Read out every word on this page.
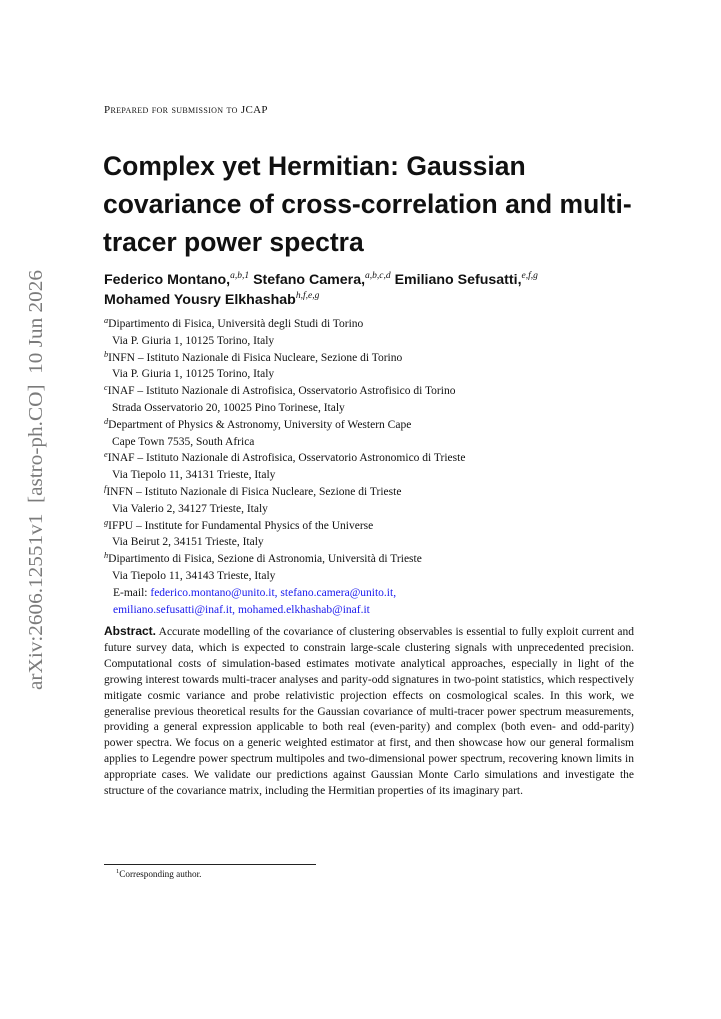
arXiv:2606.12551v1  [astro-ph.CO]  10 Jun 2026
Prepared for submission to JCAP
Complex yet Hermitian: Gaussian covariance of cross-correlation and multi-tracer power spectra
Federico Montano,$^{a,b,1}$ Stefano Camera,$^{a,b,c,d}$ Emiliano Sefusatti,$^{e,f,g}$
Mohamed Yousry Elkhashab$^{h,f,e,g}$
$^a$Dipartimento di Fisica, Università degli Studi di Torino
Via P. Giuria 1, 10125 Torino, Italy
$^b$INFN – Istituto Nazionale di Fisica Nucleare, Sezione di Torino
Via P. Giuria 1, 10125 Torino, Italy
$^c$INAF – Istituto Nazionale di Astrofisica, Osservatorio Astrofisico di Torino
Strada Osservatorio 20, 10025 Pino Torinese, Italy
$^d$Department of Physics & Astronomy, University of Western Cape
Cape Town 7535, South Africa
$^e$INAF – Istituto Nazionale di Astrofisica, Osservatorio Astronomico di Trieste
Via Tiepolo 11, 34131 Trieste, Italy
$^f$INFN – Istituto Nazionale di Fisica Nucleare, Sezione di Trieste
Via Valerio 2, 34127 Trieste, Italy
$^g$IFPU – Institute for Fundamental Physics of the Universe
Via Beirut 2, 34151 Trieste, Italy
$^h$Dipartimento di Fisica, Sezione di Astronomia, Università di Trieste
Via Tiepolo 11, 34143 Trieste, Italy
E-mail: federico.montano@unito.it, stefano.camera@unito.it,
emiliano.sefusatti@inaf.it, mohamed.elkhashab@inaf.it

Abstract. Accurate modelling of the covariance of clustering observables is essential to fully exploit current and future survey data, which is expected to constrain large-scale clustering signals with unprecedented precision. Computational costs of simulation-based estimates motivate analytical approaches, especially in light of the growing interest towards multi-tracer analyses and parity-odd signatures in two-point statistics, which respectively mitigate cosmic variance and probe relativistic projection effects on cosmological scales. In this work, we generalise previous theoretical results for the Gaussian covariance of multi-tracer power spectrum measurements, providing a general expression applicable to both real (even-parity) and complex (both even- and odd-parity) power spectra. We focus on a generic weighted estimator at first, and then showcase how our general formalism applies to Legendre power spectrum multipoles and two-dimensional power spectrum, recovering known limits in appropriate cases. We validate our predictions against Gaussian Monte Carlo simulations and investigate the structure of the covariance matrix, including the Hermitian properties of its imaginary part.

$^1$Corresponding author.
